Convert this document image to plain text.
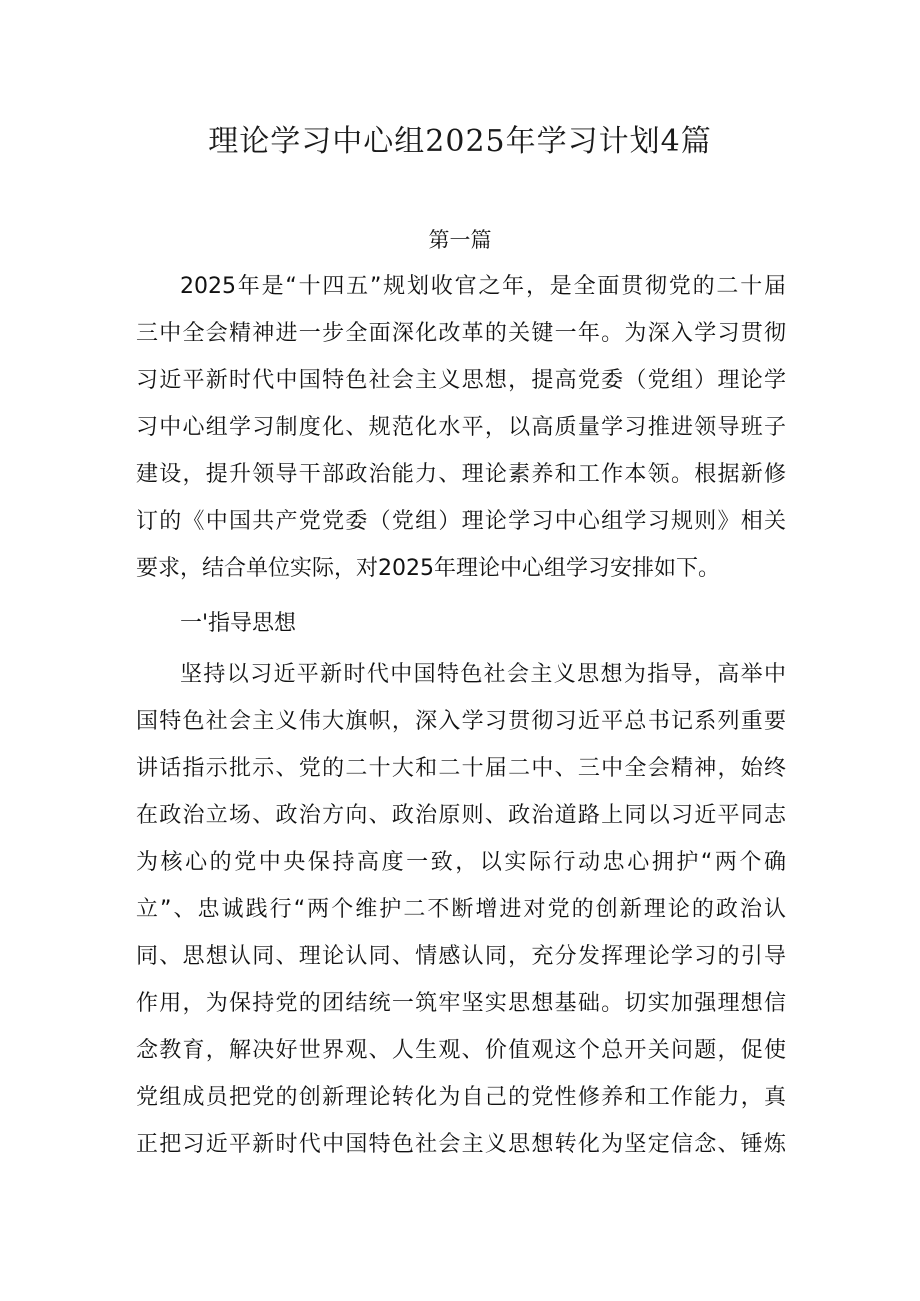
理论学习中心组2025年学习计划4篇
第一篇
2025年是“十四五”规划收官之年，是全面贯彻党的二十届
三中全会精神进一步全面深化改革的关键一年。为深入学习贯彻
习近平新时代中国特色社会主义思想，提高党委（党组）理论学
习中心组学习制度化、规范化水平，以高质量学习推进领导班子
建设，提升领导干部政治能力、理论素养和工作本领。根据新修
订的《中国共产党党委（党组）理论学习中心组学习规则》相关
要求，结合单位实际，对2025年理论中心组学习安排如下。
一'指导思想
坚持以习近平新时代中国特色社会主义思想为指导，高举中
国特色社会主义伟大旗帜，深入学习贯彻习近平总书记系列重要
讲话指示批示、党的二十大和二十届二中、三中全会精神，始终
在政治立场、政治方向、政治原则、政治道路上同以习近平同志
为核心的党中央保持高度一致，以实际行动忠心拥护“两个确
立”、忠诚践行“两个维护二不断增进对党的创新理论的政治认
同、思想认同、理论认同、情感认同，充分发挥理论学习的引导
作用，为保持党的团结统一筑牢坚实思想基础。切实加强理想信
念教育，解决好世界观、人生观、价值观这个总开关问题，促使
党组成员把党的创新理论转化为自己的党性修养和工作能力，真
正把习近平新时代中国特色社会主义思想转化为坚定信念、锤炼
